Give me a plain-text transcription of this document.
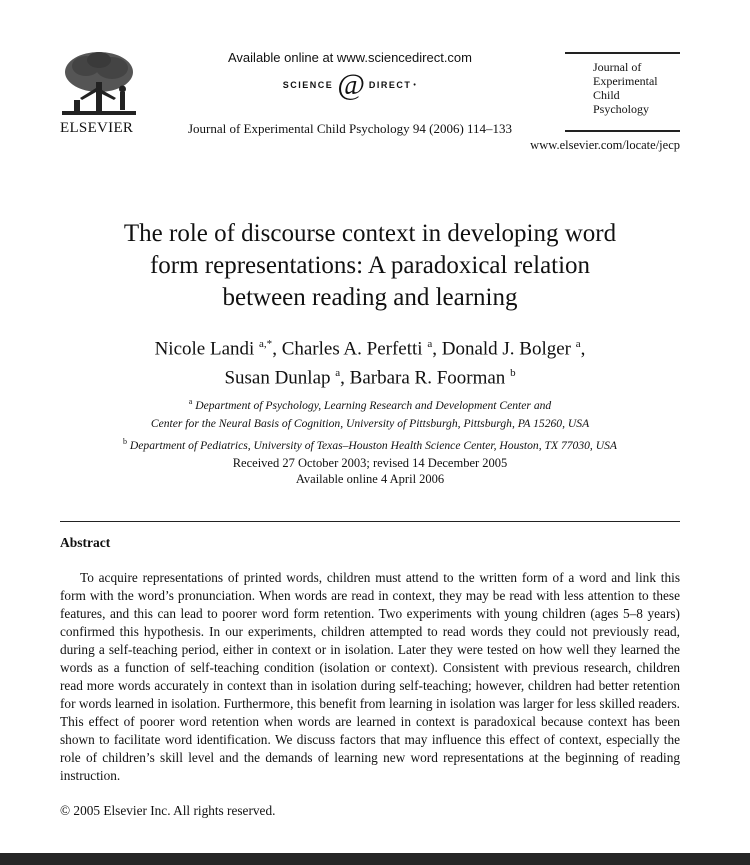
ELSEVIER
Available online at www.sciencedirect.com
SCIENCE @ DIRECT •
Journal of Experimental Child Psychology 94 (2006) 114–133
Journal of
Experimental
Child
Psychology
www.elsevier.com/locate/jecp
The role of discourse context in developing word
form representations: A paradoxical relation
between reading and learning
Nicole Landi $^{a,*}$, Charles A. Perfetti $^a$, Donald J. Bolger $^a$,
Susan Dunlap $^a$, Barbara R. Foorman $^b$
$^a$ Department of Psychology, Learning Research and Development Center and
Center for the Neural Basis of Cognition, University of Pittsburgh, Pittsburgh, PA 15260, USA
$^b$ Department of Pediatrics, University of Texas–Houston Health Science Center, Houston, TX 77030, USA
Received 27 October 2003; revised 14 December 2005
Available online 4 April 2006
Abstract
To acquire representations of printed words, children must attend to the written form of a word and link this form with the word’s pronunciation. When words are read in context, they may be read with less attention to these features, and this can lead to poorer word form retention. Two experiments with young children (ages 5–8 years) confirmed this hypothesis. In our experiments, children attempted to read words they could not previously read, during a self-teaching period, either in context or in isolation. Later they were tested on how well they learned the words as a function of self-teaching condition (isolation or context). Consistent with previous research, children read more words accurately in context than in isolation during self-teaching; however, children had better retention for words learned in isolation. Furthermore, this benefit from learning in isolation was larger for less skilled readers. This effect of poorer word retention when words are learned in context is paradoxical because context has been shown to facilitate word identification. We discuss factors that may influence this effect of context, especially the role of children’s skill level and the demands of learning new word representations at the beginning of reading instruction.
© 2005 Elsevier Inc. All rights reserved.
